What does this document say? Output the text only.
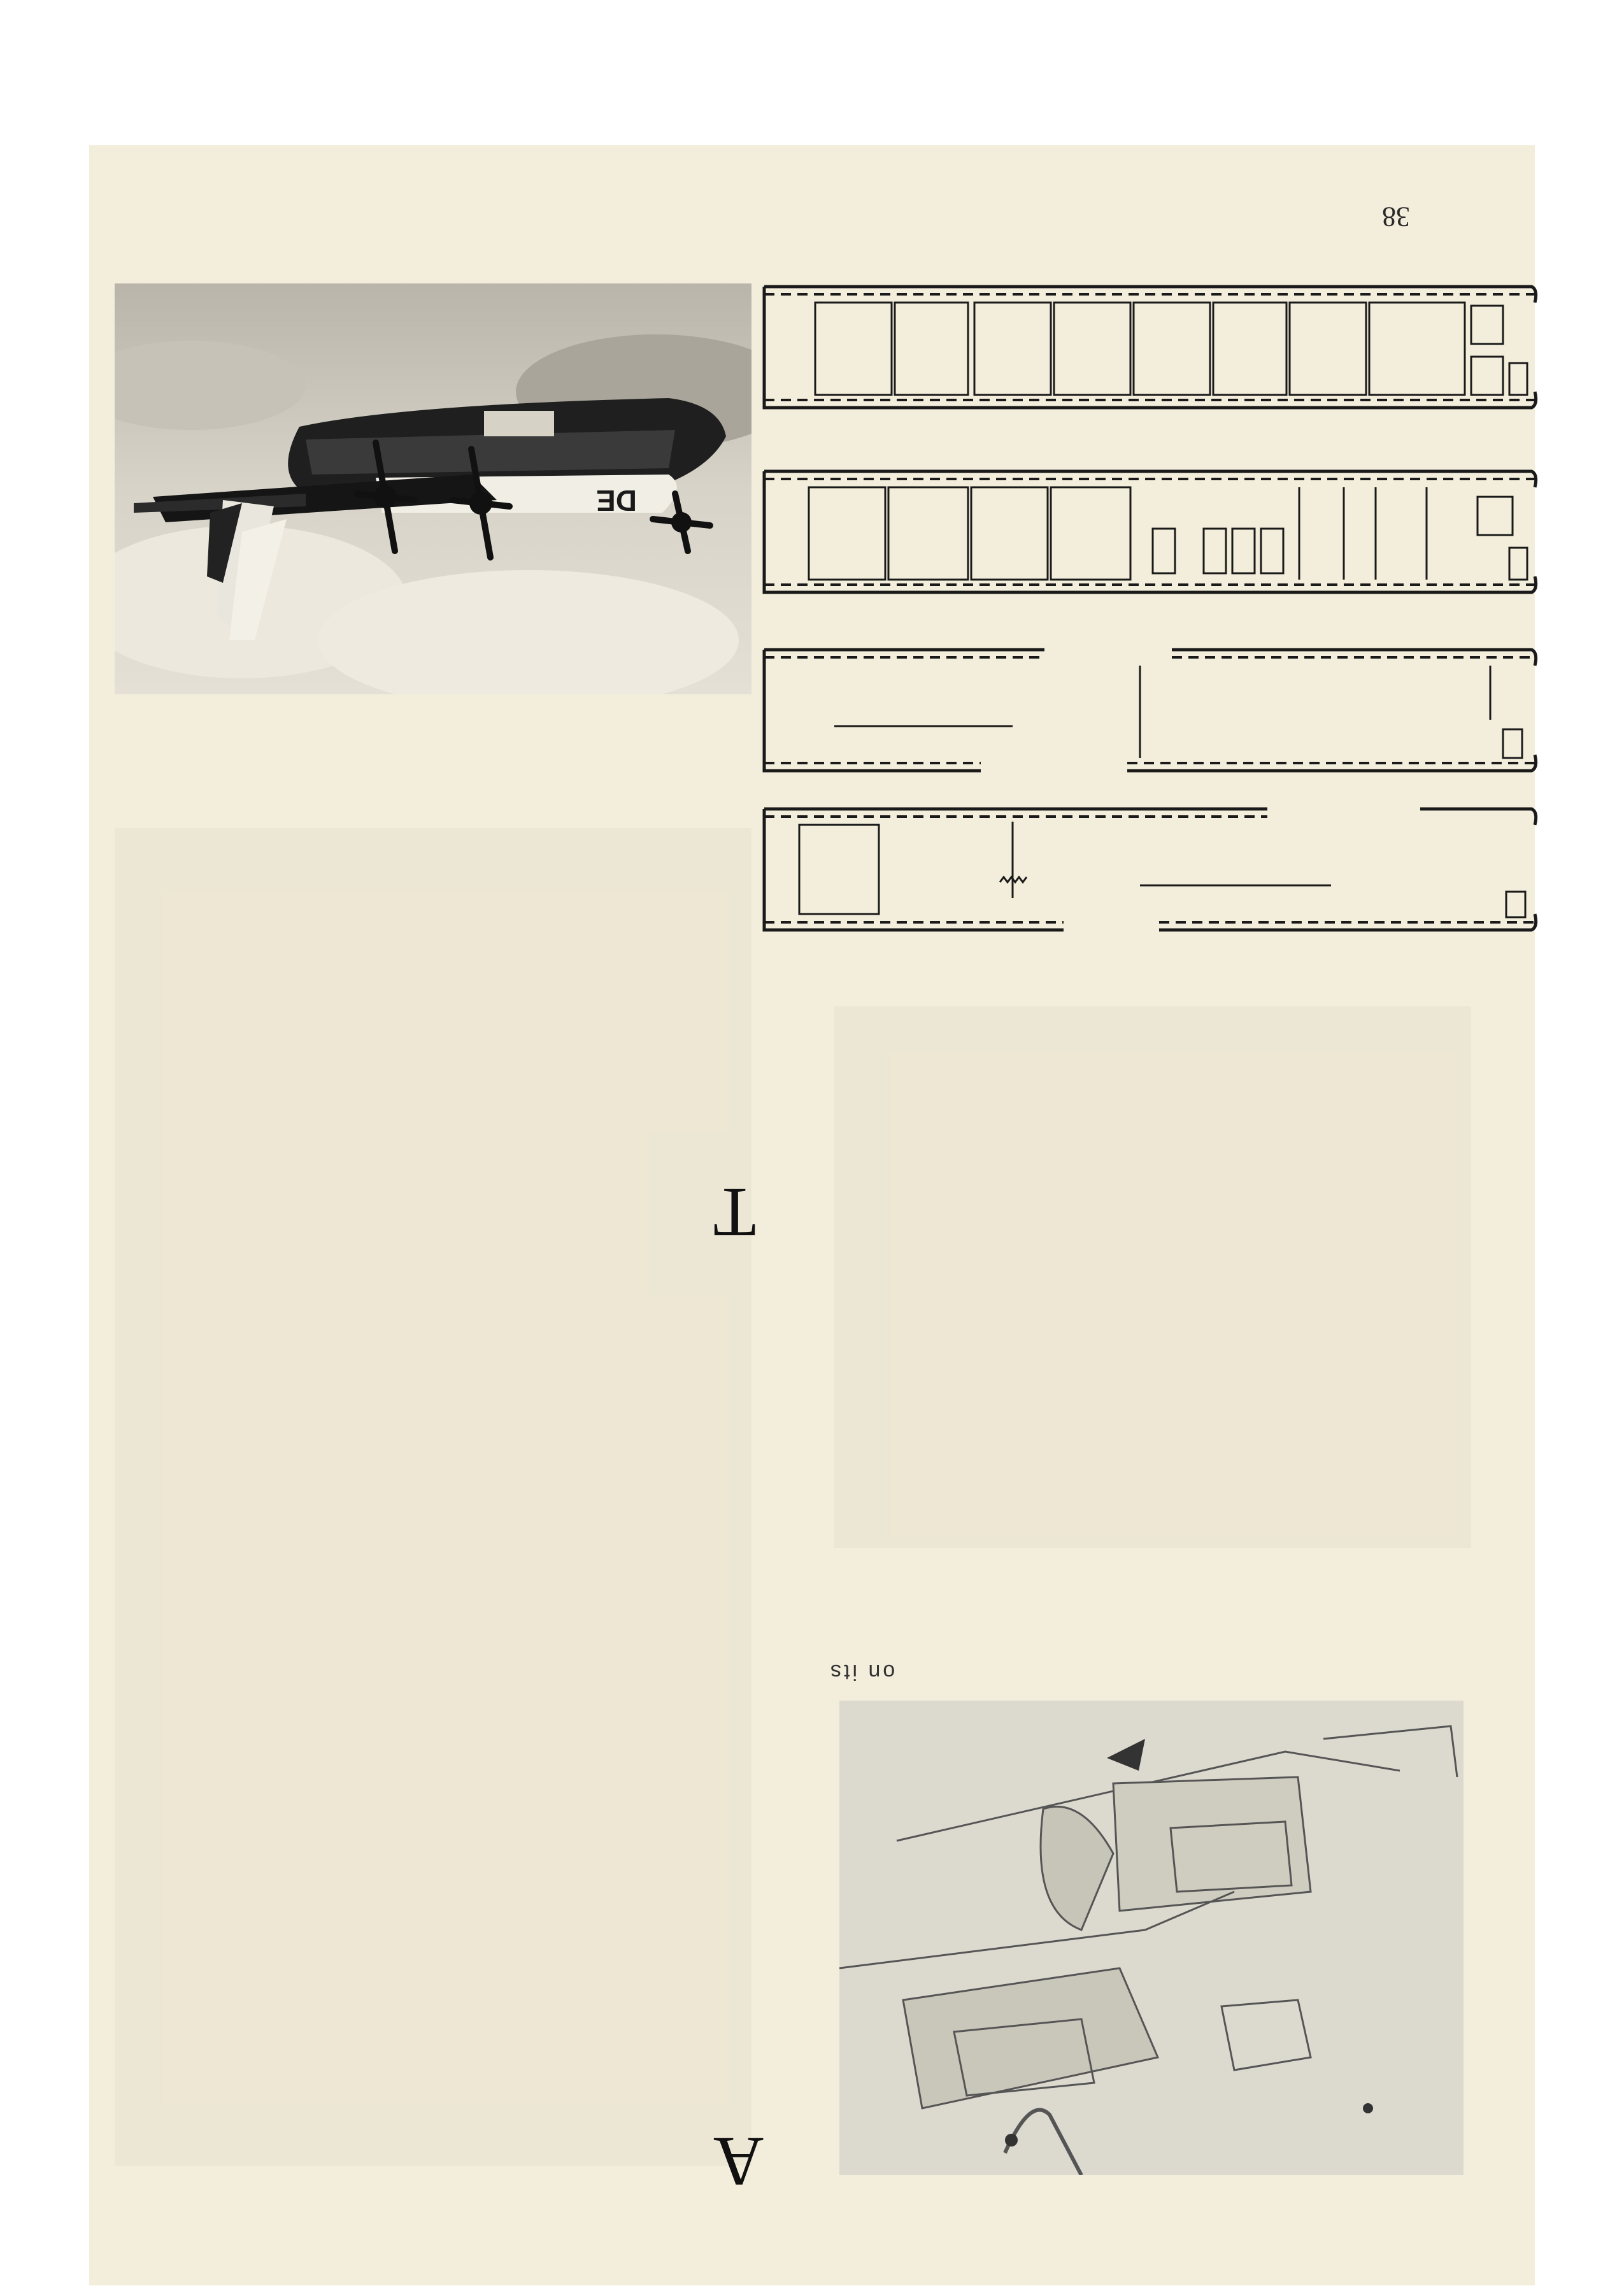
38
DE
T
on its
A
